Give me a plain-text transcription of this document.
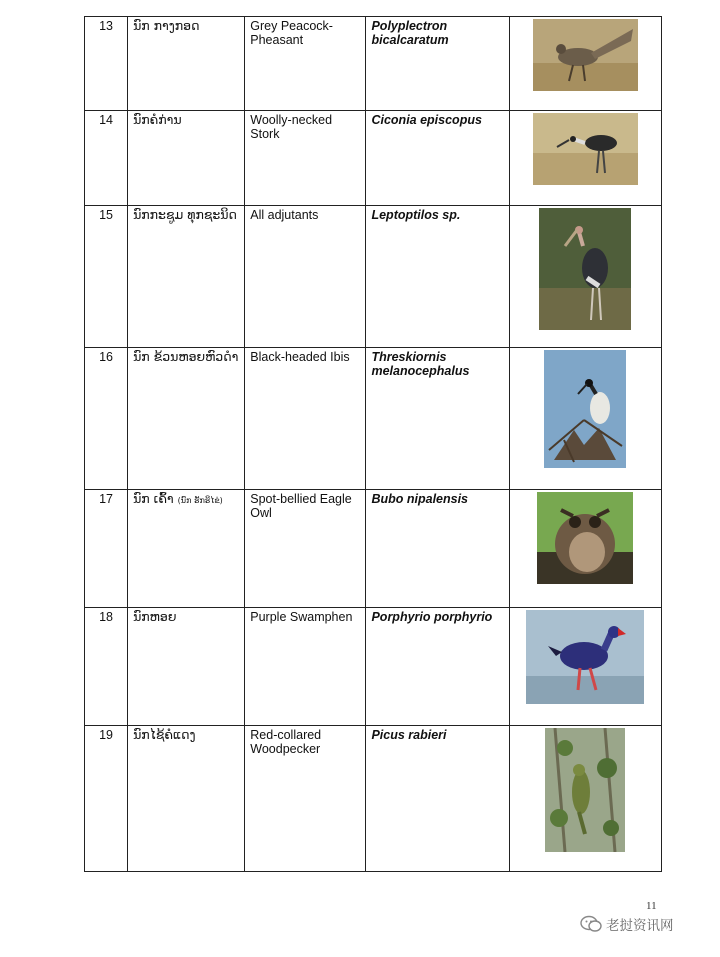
13	ນົກ ກາງກອດ	Grey Peacock-Pheasant	Polyplectron bicalcaratum	

14	ນົກຄໍກ່ານ	Woolly-necked Stork	Ciconia episcopus	

15	ນົກກະຊູມ ທຸກຊະນິດ	All adjutants	Leptoptilos sp.	

16	ນົກ ຂ້ວນຫອຍຫົວດໍາ	Black-headed Ibis	Threskiornis melanocephalus	

17	ນົກ ເຄົ້າ (ນົກ ຮັກຮິໄຂ່)	Spot-bellied Eagle Owl	Bubo nipalensis	

18	ນົກຫອຍ	Purple Swamphen	Porphyrio porphyrio	

19	ນົກໄຊ້ຄໍແດງ	Red-collared Woodpecker	Picus rabieri	
11
老挝资讯网
